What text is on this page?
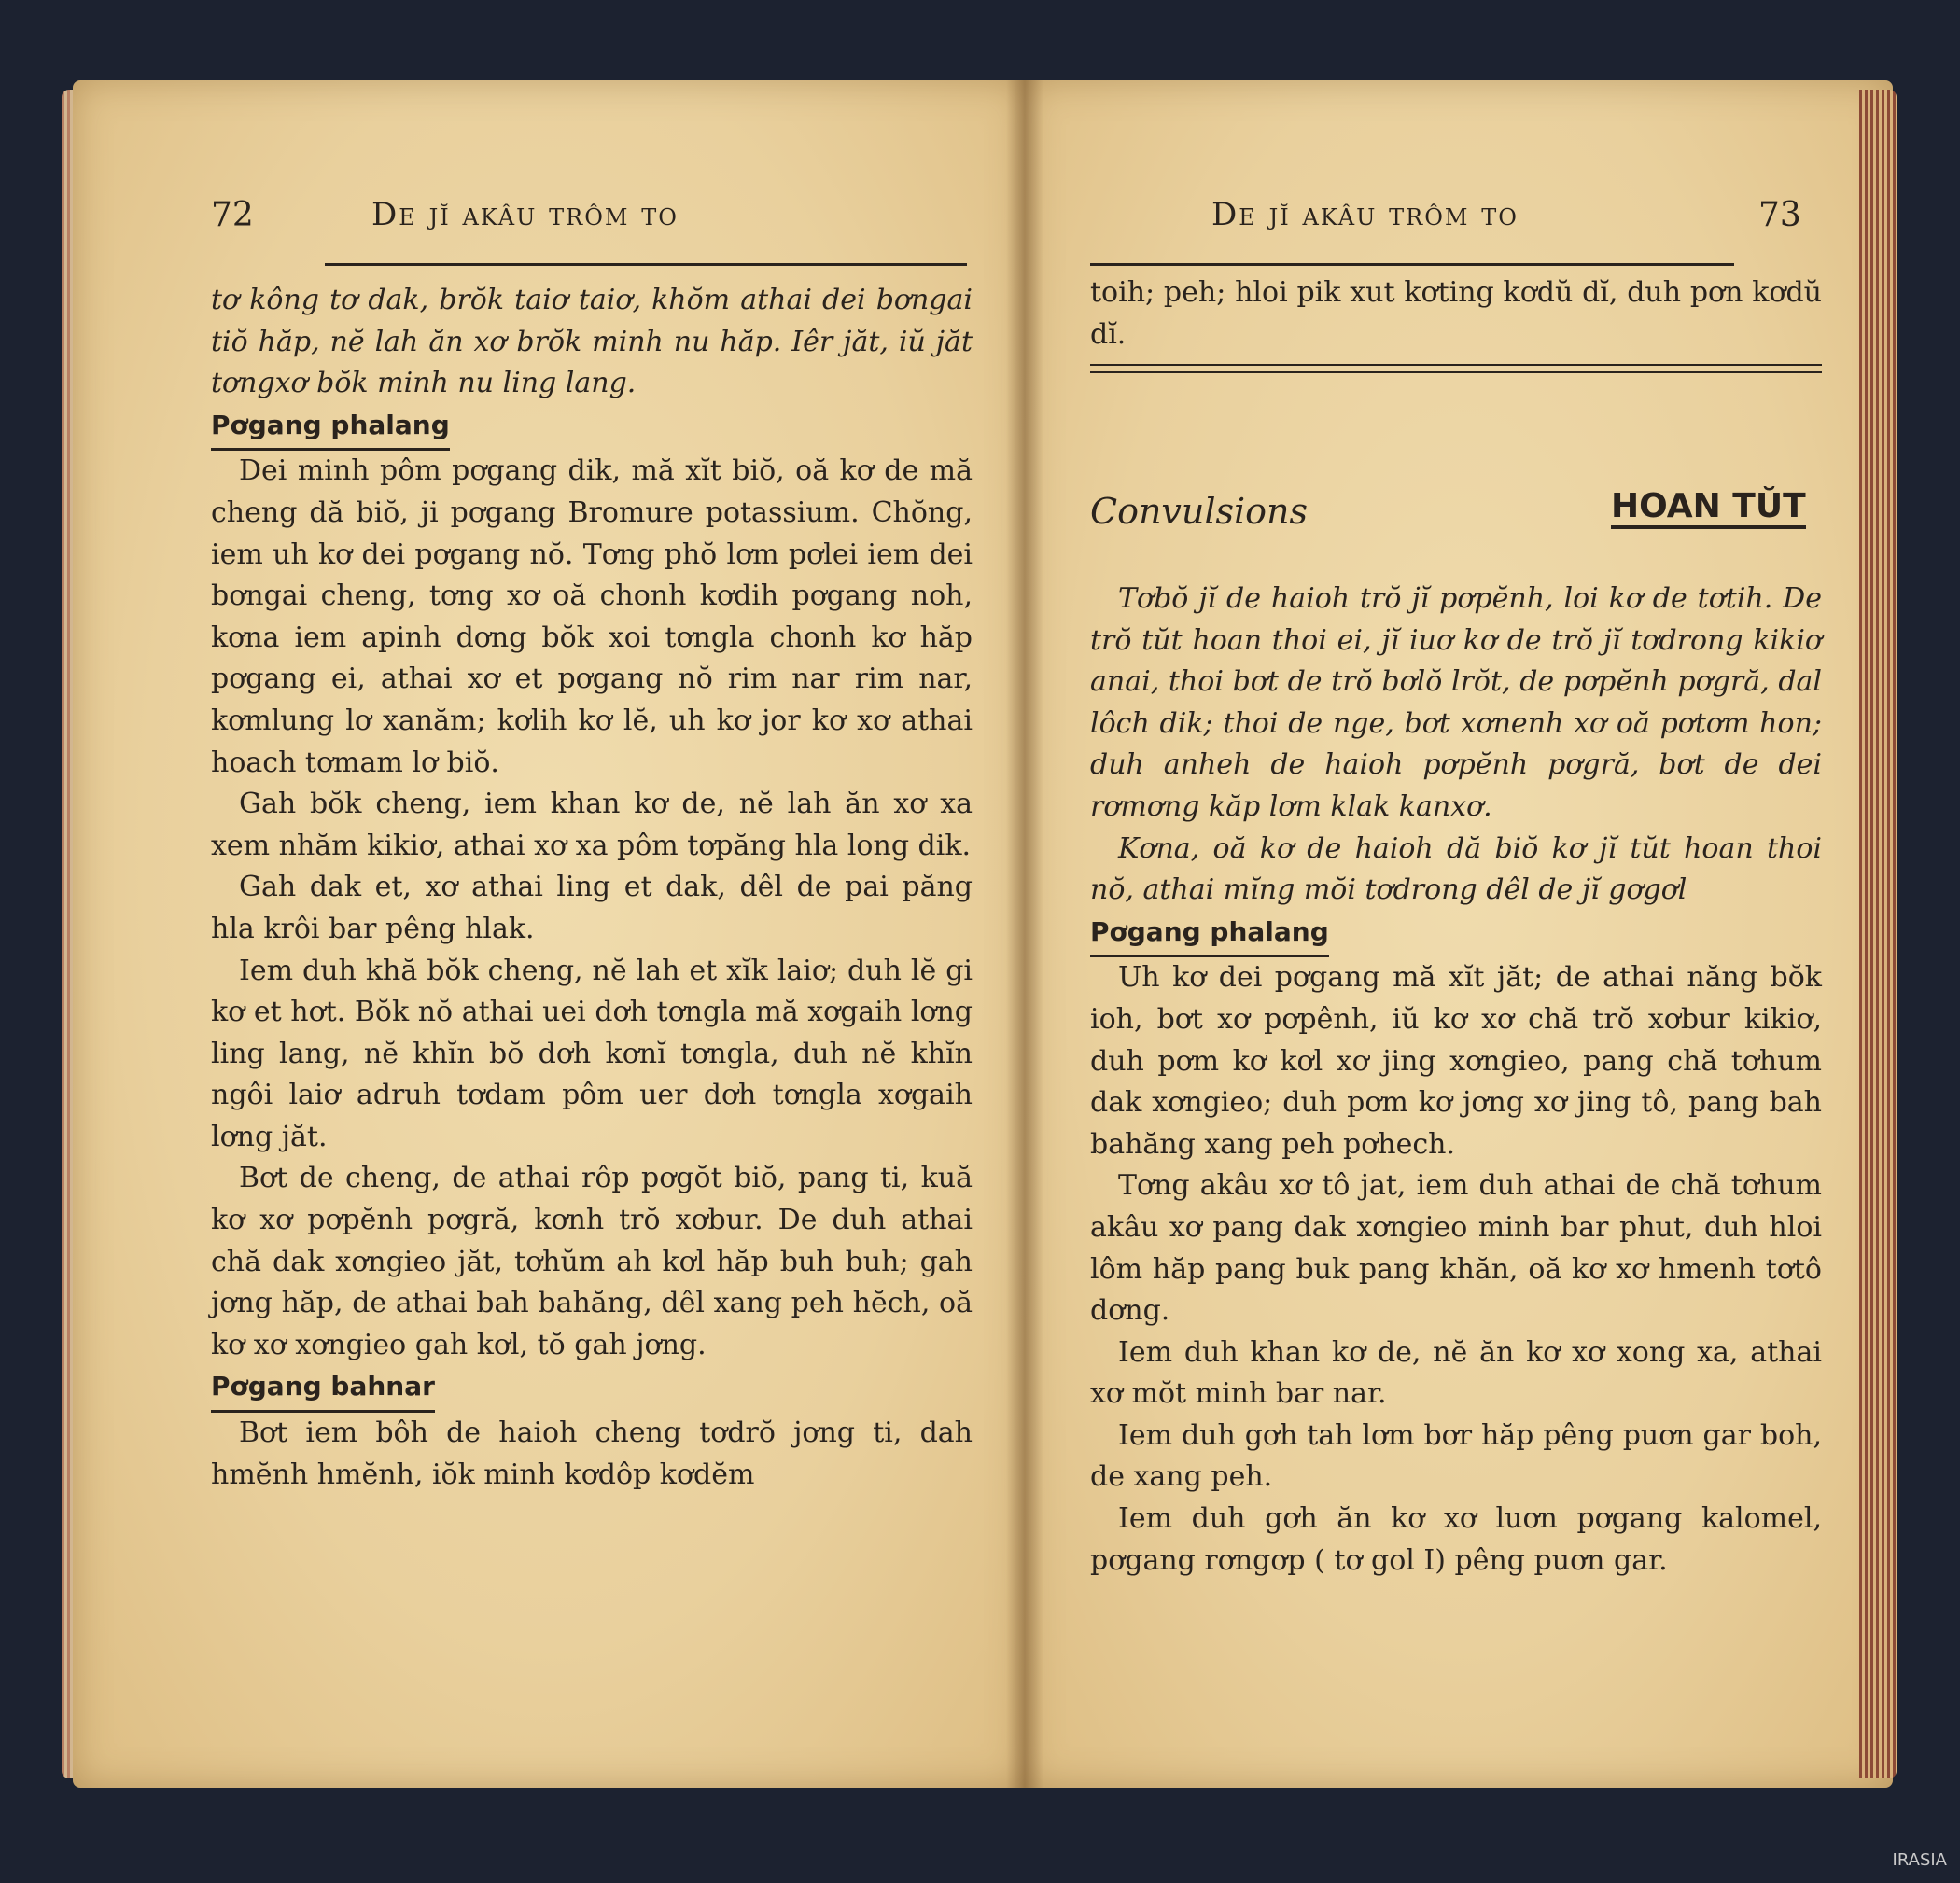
72	De jĭ akâu trôm to

tơ kông tơ dak, brŏk taiơ taiơ, khŏm athai dei bơngai tiŏ hăp, nĕ lah ăn xơ brŏk minh nu hăp. Iêr jăt, iŭ jăt tơngxơ bŏk minh nu ling lang.

Pơgang phalang

Dei minh pôm pơgang dik, mă xĭt biŏ, oă kơ de mă cheng dă biŏ, ji pơgang Bromure potassium. Chŏng, iem uh kơ dei pơgang nŏ. Tơng phŏ lơm pơlei iem dei bơngai cheng, tơng xơ oă chonh kơdih pơgang noh, kơna iem apinh dơng bŏk xoi tơngla chonh kơ hăp pơgang ei, athai xơ et pơgang nŏ rim nar rim nar, kơmlung lơ xanăm; kơlih kơ lĕ, uh kơ jor kơ xơ athai hoach tơmam lơ biŏ.

Gah bŏk cheng, iem khan kơ de, nĕ lah ăn xơ xa xem nhăm kikiơ, athai xơ xa pôm tơpăng hla long dik.

Gah dak et, xơ athai ling et dak, dêl de pai păng hla krôi bar pêng hlak.

Iem duh khă bŏk cheng, nĕ lah et xĭk laiơ; duh lĕ gi kơ et hơt. Bŏk nŏ athai uei dơh tơngla mă xơgaih lơng ling lang, nĕ khĭn bŏ dơh kơnĭ tơngla, duh nĕ khĭn ngôi laiơ adruh tơdam pôm uer dơh tơngla xơgaih lơng jăt.

Bơt de cheng, de athai rôp pơgŏt biŏ, pang ti, kuă kơ xơ pơpĕnh pơgră, kơnh trŏ xơbur. De duh athai chă dak xơngieo jăt, tơhŭm ah kơl hăp buh buh; gah jơng hăp, de athai bah bahăng, dêl xang peh hĕch, oă kơ xơ xơngieo gah kơl, tŏ gah jơng.

Pơgang bahnar

Bơt iem bôh de haioh cheng tơdrŏ jơng ti, dah hmĕnh hmĕnh, iŏk minh kơdôp kơdĕm

De jĭ akâu trôm to	73

toih; peh; hloi pik xut kơting kơdŭ dĭ, duh pơn kơdŭ dĭ.

Convulsions	HOAN TŬT

Tơbŏ jĭ de haioh trŏ jĭ pơpĕnh, loi kơ de tơtih. De trŏ tŭt hoan thoi ei, jĭ iuơ kơ de trŏ jĭ tơdrong kikiơ anai, thoi bơt de trŏ bơlŏ lrŏt, de pơpĕnh pơgră, dal lôch dik; thoi de nge, bơt xơnenh xơ oă pơtơm hon; duh anheh de haioh pơpĕnh pơgră, bơt de dei rơmơng kăp lơm klak kanxơ.

Kơna, oă kơ de haioh dă biŏ kơ jĭ tŭt hoan thoi nŏ, athai mĭng mŏi tơdrong dêl de jĭ gơgơl

Pơgang phalang

Uh kơ dei pơgang mă xĭt jăt; de athai năng bŏk ioh, bơt xơ pơpênh, iŭ kơ xơ chă trŏ xơbur kikiơ, duh pơm kơ kơl xơ jing xơngieo, pang chă tơhum dak xơngieo; duh pơm kơ jơng xơ jing tô, pang bah bahăng xang peh pơhech.

Tơng akâu xơ tô jat, iem duh athai de chă tơhum akâu xơ pang dak xơngieo minh bar phut, duh hloi lôm hăp pang buk pang khăn, oă kơ xơ hmenh tơtô dơng.

Iem duh khan kơ de, nĕ ăn kơ xơ xong xa, athai xơ mŏt minh bar nar.

Iem duh gơh tah lơm bơr hăp pêng puơn gar boh, de xang peh.

Iem duh gơh ăn kơ xơ luơn pơgang kalomel, pơgang rơngơp ( tơ gol I) pêng puơn gar.

IRASIA
